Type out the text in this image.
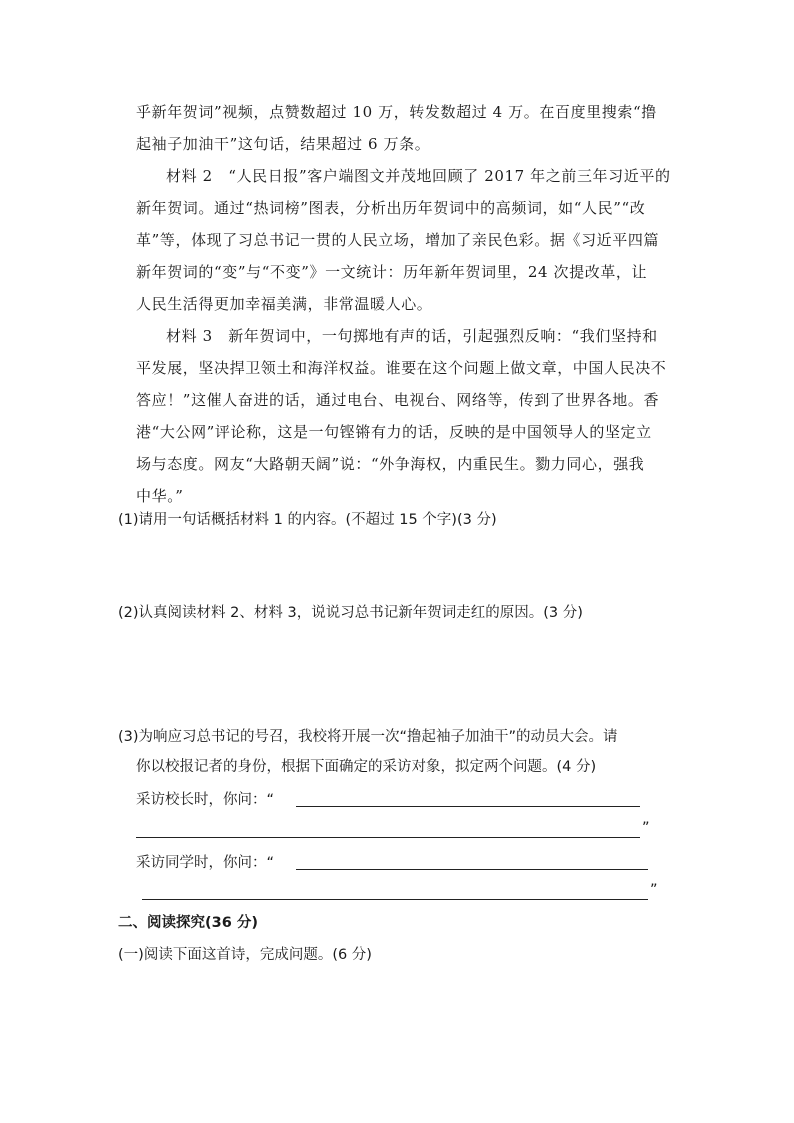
乎新年贺词”视频，点赞数超过 10 万，转发数超过 4 万。在百度里搜索“撸
起袖子加油干”这句话，结果超过 6 万条。
材料 2　“人民日报”客户端图文并茂地回顾了 2017 年之前三年习近平的
新年贺词。通过“热词榜”图表，分析出历年贺词中的高频词，如“人民”“改
革”等，体现了习总书记一贯的人民立场，增加了亲民色彩。据《习近平四篇
新年贺词的“变”与“不变”》一文统计：历年新年贺词里，24 次提改革，让
人民生活得更加幸福美满，非常温暖人心。
材料 3　新年贺词中，一句掷地有声的话，引起强烈反响：“我们坚持和
平发展，坚决捍卫领土和海洋权益。谁要在这个问题上做文章，中国人民决不
答应！”这催人奋进的话，通过电台、电视台、网络等，传到了世界各地。香
港“大公网”评论称，这是一句铿锵有力的话，反映的是中国领导人的坚定立
场与态度。网友“大路朝天阔”说：“外争海权，内重民生。勠力同心，强我
中华。”
(1)请用一句话概括材料 1 的内容。(不超过 15 个字)(3 分)
(2)认真阅读材料 2、材料 3，说说习总书记新年贺词走红的原因。(3 分)
(3)为响应习总书记的号召，我校将开展一次“撸起袖子加油干”的动员大会。请
你以校报记者的身份，根据下面确定的采访对象，拟定两个问题。(4 分)
采访校长时，你问：“
”
采访同学时，你问：“
”
二、阅读探究(36 分)
(一)阅读下面这首诗，完成问题。(6 分)
